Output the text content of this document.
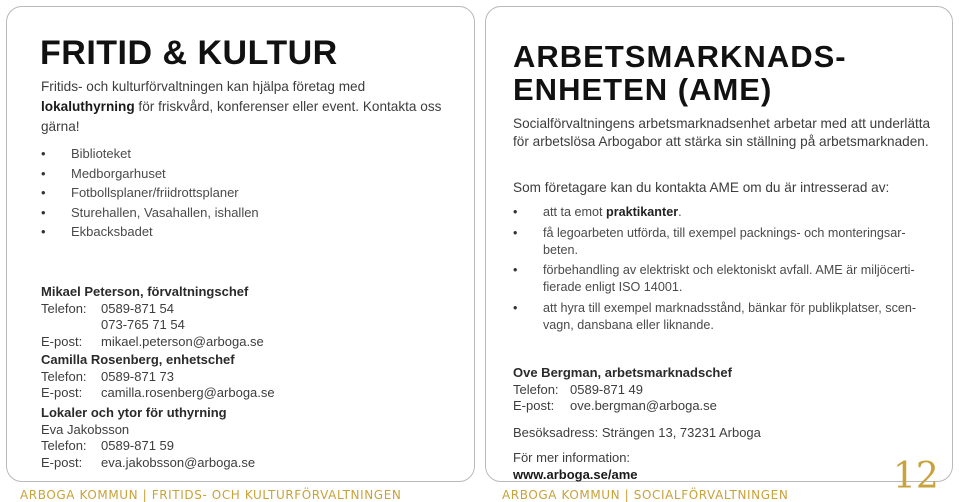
FRITID & KULTUR

Fritids- och kulturförvaltningen kan hjälpa företag med lokaluthyrning för friskvård, konferenser eller event. Kontakta oss gärna!

• Biblioteket
• Medborgarhuset
• Fotbollsplaner/friidrottsplaner
• Sturehallen, Vasahallen, ishallen
• Ekbacksbadet
Mikael Peterson, förvaltningschef
Telefon:	0589-871 54
073-765 71 54
E-post:	mikael.peterson@arboga.se
Camilla Rosenberg, enhetschef
Telefon:	0589-871 73
E-post:	camilla.rosenberg@arboga.se
Lokaler och ytor för uthyrning
Eva Jakobsson
Telefon:	0589-871 59
E-post:	eva.jakobsson@arboga.se
ARBETSMARKNADS-
ENHETEN (AME)

Socialförvaltningens arbetsmarknadsenhet arbetar med att underlätta för arbetslösa Arbogabor att stärka sin ställning på arbetsmarknaden.

Som företagare kan du kontakta AME om du är intresserad av:

• att ta emot praktikanter.
• få legoarbeten utförda, till exempel packnings- och monteringsar-beten.
• förbehandling av elektriskt och elektoniskt avfall. AME är miljöcerti-fierade enligt ISO 14001.
• att hyra till exempel marknadsstånd, bänkar för publikplatser, scen-vagn, dansbana eller liknande.
Ove Bergman, arbetsmarknadschef
Telefon: 0589-871 49
E-post:	ove.bergman@arboga.se
Besöksadress: Strängen 13, 73231 Arboga
För mer information:
www.arboga.se/ame
ARBOGA KOMMUN | FRITIDS- OCH KULTURFÖRVALTNINGEN	ARBOGA KOMMUN | SOCIALFÖRVALTNINGEN	12
